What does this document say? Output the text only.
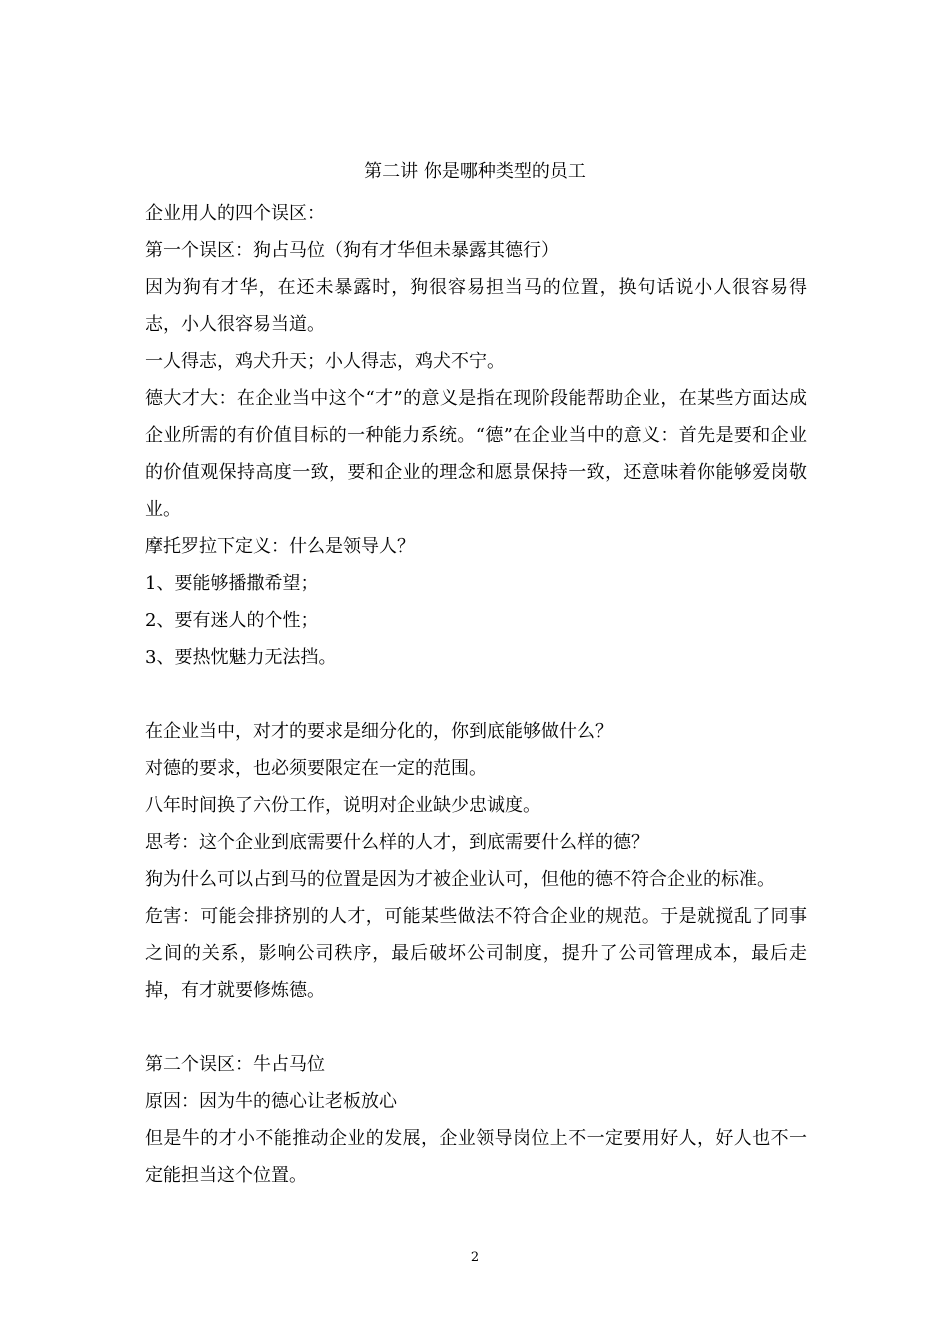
第二讲 你是哪种类型的员工

企业用人的四个误区：

第一个误区：狗占马位（狗有才华但未暴露其德行）

因为狗有才华，在还未暴露时，狗很容易担当马的位置，换句话说小人很容易得志，小人很容易当道。

一人得志，鸡犬升天；小人得志，鸡犬不宁。

德大才大：在企业当中这个“才”的意义是指在现阶段能帮助企业，在某些方面达成企业所需的有价值目标的一种能力系统。“德”在企业当中的意义：首先是要和企业的价值观保持高度一致，要和企业的理念和愿景保持一致，还意味着你能够爱岗敬业。

摩托罗拉下定义：什么是领导人？

1、要能够播撒希望；

2、要有迷人的个性；

3、要热忱魅力无法挡。

在企业当中，对才的要求是细分化的，你到底能够做什么？

对德的要求，也必须要限定在一定的范围。

八年时间换了六份工作，说明对企业缺少忠诚度。

思考：这个企业到底需要什么样的人才，到底需要什么样的德？

狗为什么可以占到马的位置是因为才被企业认可，但他的德不符合企业的标准。

危害：可能会排挤别的人才，可能某些做法不符合企业的规范。于是就搅乱了同事之间的关系，影响公司秩序，最后破坏公司制度，提升了公司管理成本，最后走掉，有才就要修炼德。

第二个误区：牛占马位

原因：因为牛的德心让老板放心

但是牛的才小不能推动企业的发展，企业领导岗位上不一定要用好人，好人也不一定能担当这个位置。

2
